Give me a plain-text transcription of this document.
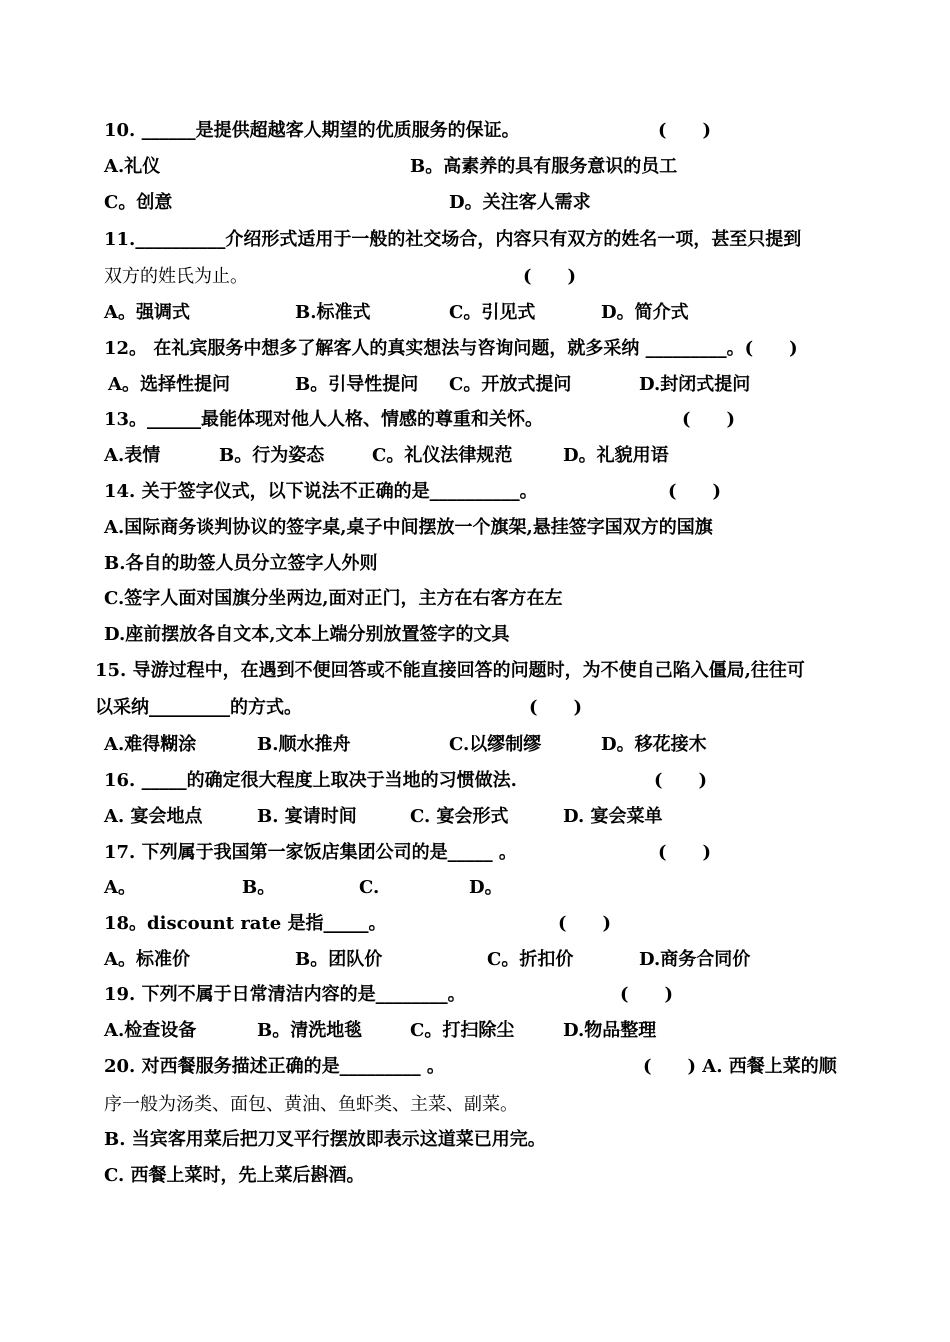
10. ______是提供超越客人期望的优质服务的保证。	(　　)
A.礼仪	B。高素养的具有服务意识的员工
C。创意	D。关注客人需求
11.__________介绍形式适用于一般的社交场合，内容只有双方的姓名一项，甚至只提到
双方的姓氏为止。	(　　)
A。强调式	B.标准式	C。引见式	D。简介式
12。 在礼宾服务中想多了解客人的真实想法与咨询问题，就多采纳 _________。(　　)
A。选择性提问	B。引导性提问 C。开放式提问	D.封闭式提问
13。______最能体现对他人人格、情感的尊重和关怀。	(　　)
A.表情	B。行为姿态	C。礼仪法律规范	D。礼貌用语
14. 关于签字仪式，以下说法不正确的是__________。	(　　)
A.国际商务谈判协议的签字桌,桌子中间摆放一个旗架,悬挂签字国双方的国旗
B.各自的助签人员分立签字人外则
C.签字人面对国旗分坐两边,面对正门，主方在右客方在左
D.座前摆放各自文本,文本上端分别放置签字的文具
15. 导游过程中，在遇到不便回答或不能直接回答的问题时，为不使自己陷入僵局,往往可
以采纳_________的方式。	(　　)
A.难得糊涂	B.顺水推舟	C.以缪制缪	D。移花接木
16. _____的确定很大程度上取决于当地的习惯做法.	(　　)
A. 宴会地点	B. 宴请时间	C. 宴会形式	D. 宴会菜单
17. 下列属于我国第一家饭店集团公司的是_____ 。	(　　)
A。	B。	C.	D。
18。discount rate 是指_____。	(　　)
A。标准价	B。团队价	C。折扣价	D.商务合同价
19. 下列不属于日常清洁内容的是________。	(　　)
A.检查设备	B。清洗地毯	C。打扫除尘	D.物品整理
20. 对西餐服务描述正确的是_________ 。	(　　) A. 西餐上菜的顺
序一般为汤类、面包、黄油、鱼虾类、主菜、副菜。
B. 当宾客用菜后把刀叉平行摆放即表示这道菜已用完。
C. 西餐上菜时，先上菜后斟酒。
